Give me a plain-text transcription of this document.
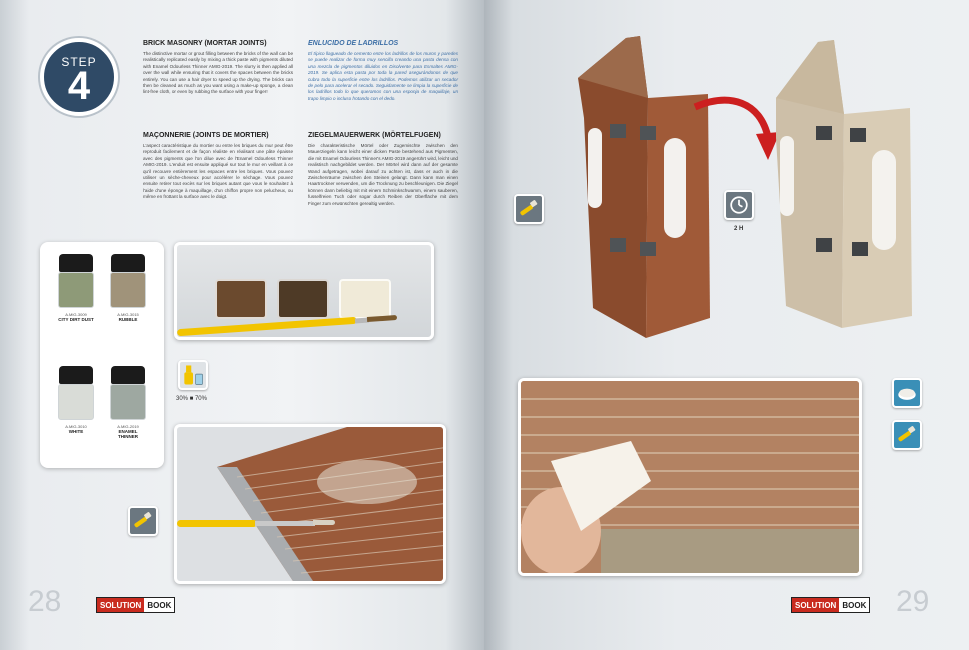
STEP
4
BRICK MASONRY (MORTAR JOINTS)

The distinctive mortar or grout filling between the bricks of the wall can be realistically replicated easily by mixing a thick paste with pigments diluted with Enamel Odourless Thinner AMIG-2019. The slurry is then applied all over the wall while ensuring that it covers the spaces between the bricks entirely. You can use a hair dryer to speed up the drying. The bricks can then be cleaned as much as you want using a make-up sponge, a clean lint-free cloth, or even by rubbing the surface with your finger!

MAÇONNERIE (JOINTS DE MORTIER)

L'aspect caractéristique du mortier ou entre les briques du mur peut être reproduit facilement et de façon réaliste en réalisant une pâte épaisse avec des pigments que l'on dilue avec de l'Enamel Odourless Thinner AMIG-2019. L'enduit est ensuite appliqué sur tout le mur en veillant à ce qu'il recouvre entièrement les espaces entre les briques. Vous pouvez utiliser un sèche-cheveux pour accélérer le séchage. Vous pouvez ensuite retirer tout excès sur les briques autant que vous le souhaitez à l'aide d'une éponge à maquillage, d'un chiffon propre non pelucheux, ou même en frottant la surface avec le doigt.

ENLUCIDO DE LADRILLOS

El típico llagueado de cemento entre los ladrillos de los muros y paredes se puede realizar de forma muy sencilla creando una pasta densa con una mezcla de pigmentos diluidos en Disolvente para Esmaltes AMIG-2019. Se aplica esta pasta por toda la pared asegurándonos de que cubra todo la superficie entre los ladrillos. Podemos utilizar un secador de pelo para acelerar el secado. Seguidamente se limpia la superficie de los ladrillos todo lo que queramos con una esponja de maquillaje, un trapo limpio o incluso frotando con el dedo.

ZIEGELMAUERWERK (MÖRTELFUGEN)

Die charakteristische Mörtel oder Zugemischte zwischen den Mauerziegeln kann leicht einer dicken Paste bestehend aus Pigmenten, die mit Enamel Odourless Thinner's AMIG-2019 angerührt wird, leicht und realistisch nachgebildet werden. Der Mörtel wird dann auf der gesamte Wand aufgetragen, wobei darauf zu achten ist, dass er auch in die Zwischenräume zwischen den Steinen gelangt. Dann kann man einen Haartrockner verwenden, um die Trocknung zu beschleunigen. Die Ziegel können dann beliebig mit mit einem Schminkschwamm, einem sauberen, fusselfreien Tuch oder sogar durch Reiben der Oberfläche mit dem Finger zum erwünschten gerealtig werden.

A.MIG-3009
CITY DIRT DUST
A.MIG-3015
RUBBLE
A.MIG-3010
WHITE
A.MIG-2019
ENAMEL THINNER
30% ■ 70%
28	SOLUTION BOOK
2 H
SOLUTION BOOK 29
